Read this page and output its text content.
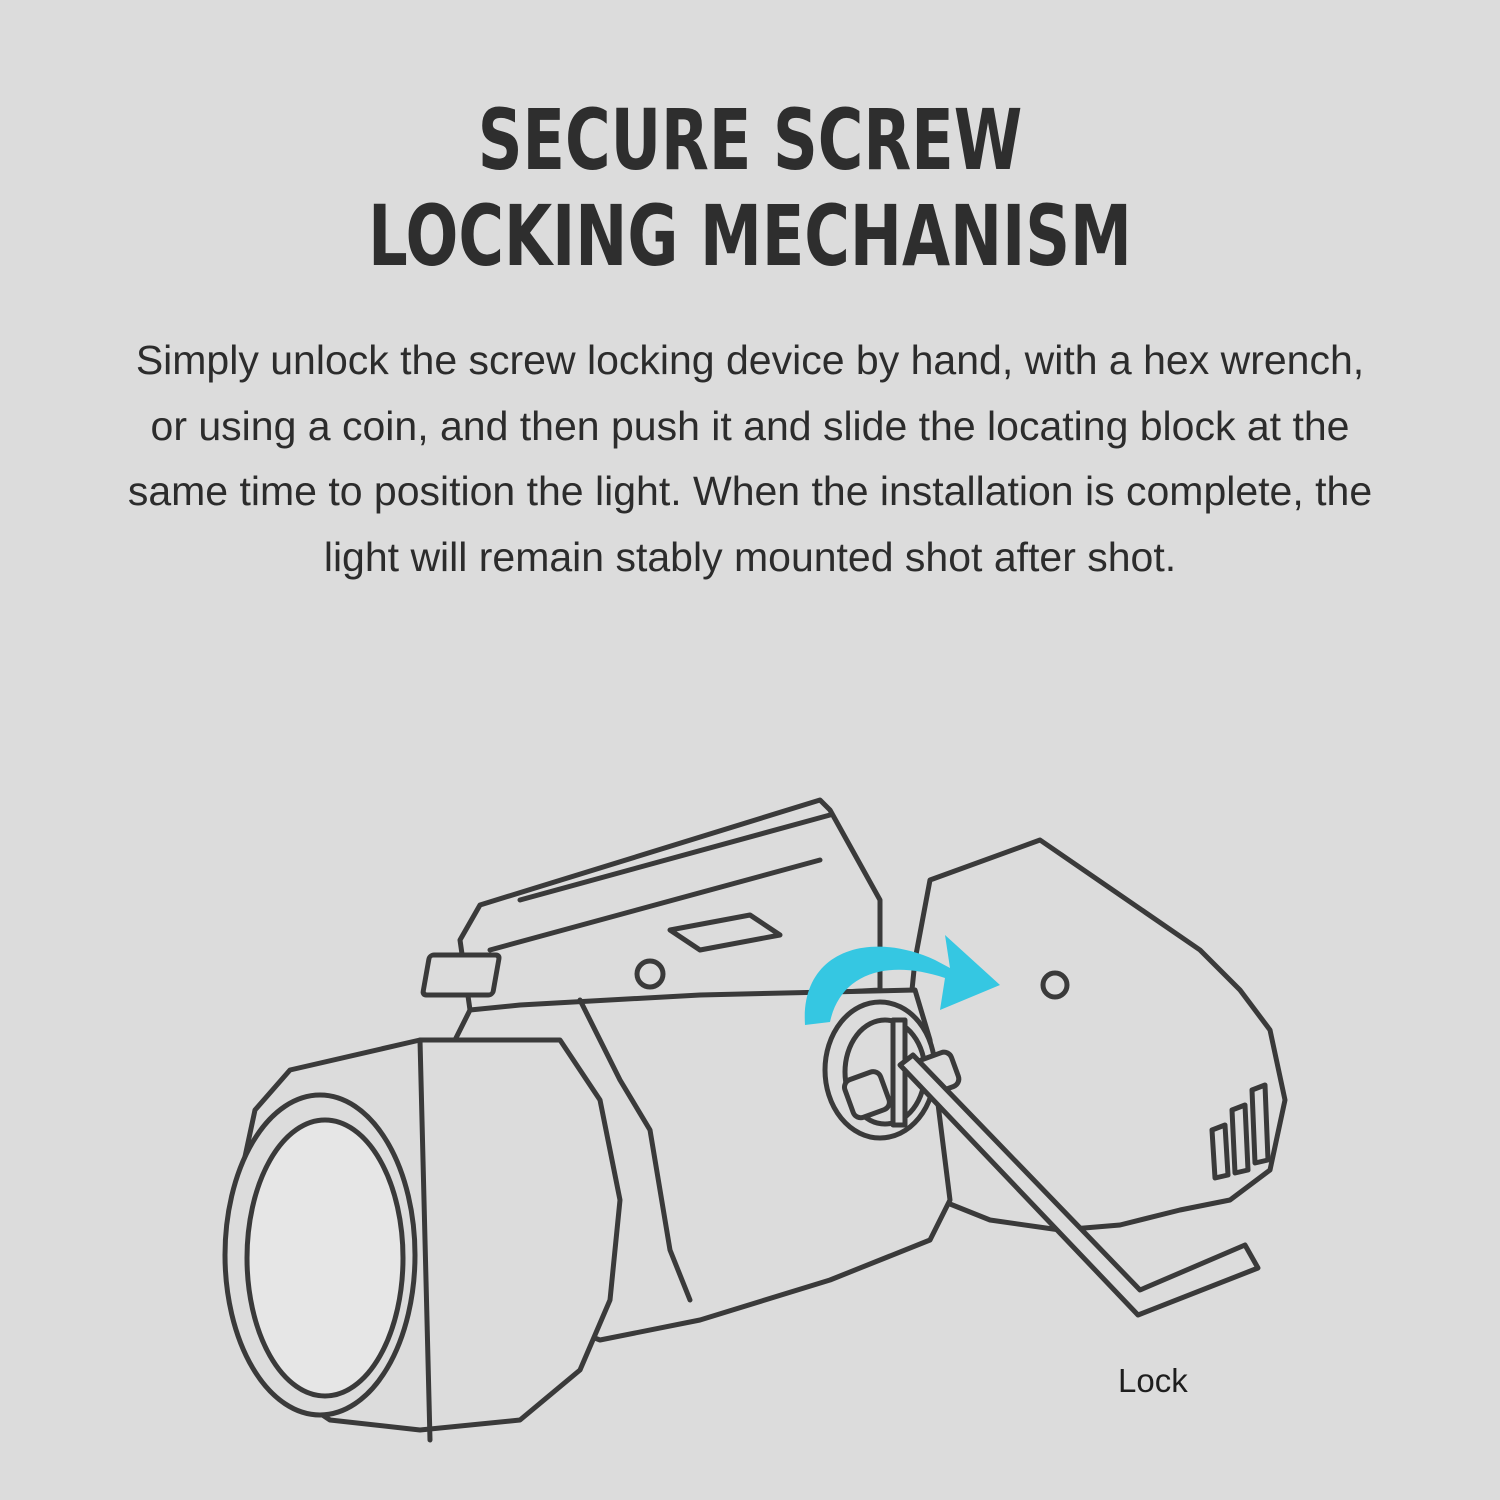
SECURE SCREW
LOCKING MECHANISM

Simply unlock the screw locking device by hand, with a hex wrench, or using a coin, and then push it and slide the locating block at the same time to position the light. When the installation is complete, the light will remain stably mounted shot after shot.

Lock
